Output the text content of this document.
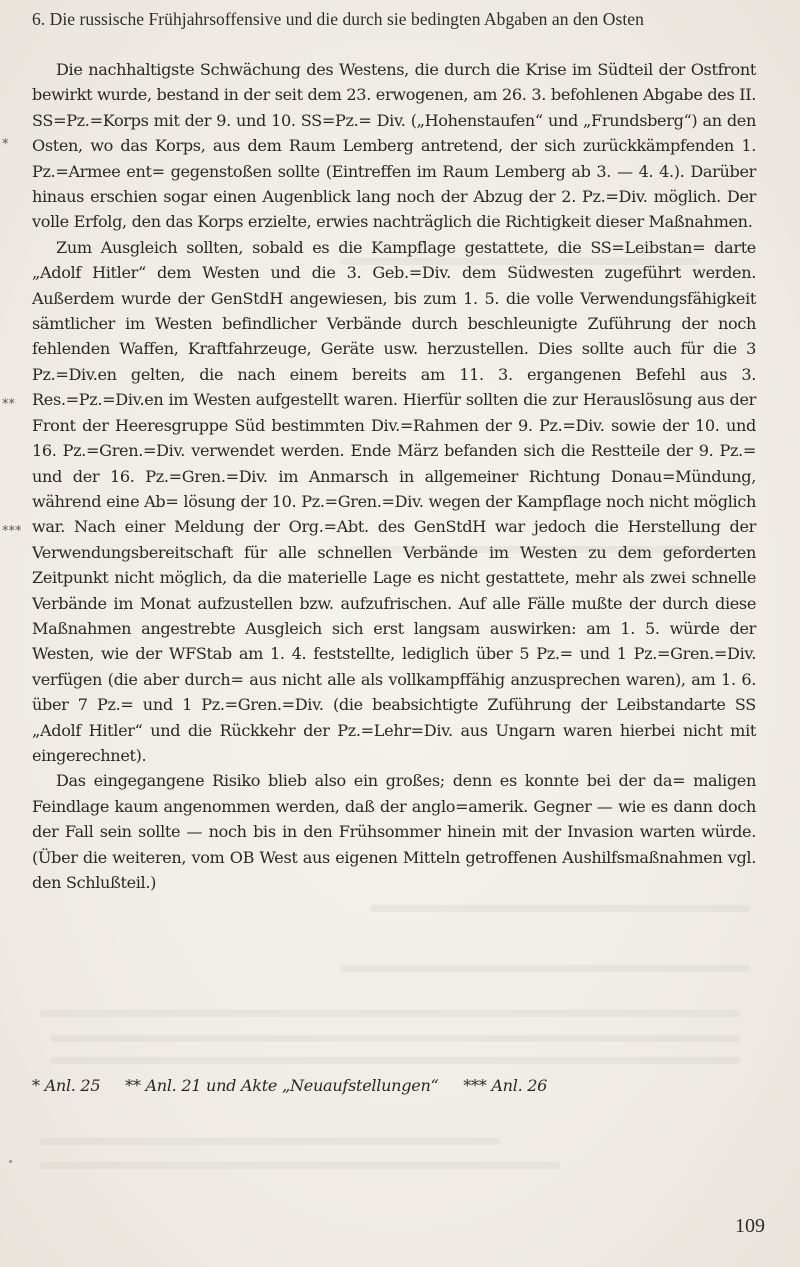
6. Die russische Frühjahrsoffensive und die durch sie bedingten Abgaben an den Osten
*
**
***

Die nachhaltigste Schwächung des Westens, die durch die Krise im Südteil der Ostfront bewirkt wurde, bestand in der seit dem 23. erwogenen, am 26. 3. befohlenen Abgabe des II. SS=Pz.=Korps mit der 9. und 10. SS=Pz.= Div. („Hohenstaufen“ und „Frundsberg“) an den Osten, wo das Korps, aus dem Raum Lemberg antretend, der sich zurückkämpfenden 1. Pz.=Armee ent= gegenstoßen sollte (Eintreffen im Raum Lemberg ab 3. — 4. 4.). Darüber hinaus erschien sogar einen Augenblick lang noch der Abzug der 2. Pz.=Div. möglich. Der volle Erfolg, den das Korps erzielte, erwies nachträglich die Richtigkeit dieser Maßnahmen.

Zum Ausgleich sollten, sobald es die Kampflage gestattete, die SS=Leibstan= darte „Adolf Hitler“ dem Westen und die 3. Geb.=Div. dem Südwesten zugeführt werden. Außerdem wurde der GenStdH angewiesen, bis zum 1. 5. die volle Verwendungsfähigkeit sämtlicher im Westen befindlicher Verbände durch beschleunigte Zuführung der noch fehlenden Waffen, Kraftfahrzeuge, Geräte usw. herzustellen. Dies sollte auch für die 3 Pz.=Div.en gelten, die nach einem bereits am 11. 3. ergangenen Befehl aus 3. Res.=Pz.=Div.en im Westen aufgestellt waren. Hierfür sollten die zur Herauslösung aus der Front der Heeresgruppe Süd bestimmten Div.=Rahmen der 9. Pz.=Div. sowie der 10. und 16. Pz.=Gren.=Div. verwendet werden. Ende März befanden sich die Restteile der 9. Pz.= und der 16. Pz.=Gren.=Div. im Anmarsch in allgemeiner Richtung Donau=Mündung, während eine Ab= lösung der 10. Pz.=Gren.=Div. wegen der Kampflage noch nicht möglich war. Nach einer Meldung der Org.=Abt. des GenStdH war jedoch die Herstellung der Verwendungsbereitschaft für alle schnellen Verbände im Westen zu dem geforderten Zeitpunkt nicht möglich, da die materielle Lage es nicht gestattete, mehr als zwei schnelle Verbände im Monat aufzustellen bzw. aufzufrischen. Auf alle Fälle mußte der durch diese Maßnahmen angestrebte Ausgleich sich erst langsam auswirken: am 1. 5. würde der Westen, wie der WFStab am 1. 4. feststellte, lediglich über 5 Pz.= und 1 Pz.=Gren.=Div. verfügen (die aber durch= aus nicht alle als vollkampffähig anzusprechen waren), am 1. 6. über 7 Pz.= und 1 Pz.=Gren.=Div. (die beabsichtigte Zuführung der Leibstandarte SS „Adolf Hitler“ und die Rückkehr der Pz.=Lehr=Div. aus Ungarn waren hierbei nicht mit eingerechnet).

Das eingegangene Risiko blieb also ein großes; denn es konnte bei der da= maligen Feindlage kaum angenommen werden, daß der anglo=amerik. Gegner — wie es dann doch der Fall sein sollte — noch bis in den Frühsommer hinein mit der Invasion warten würde. (Über die weiteren, vom OB West aus eigenen Mitteln getroffenen Aushilfsmaßnahmen vgl. den Schlußteil.)

* Anl. 25 ** Anl. 21 und Akte „Neuaufstellungen“ *** Anl. 26
109
